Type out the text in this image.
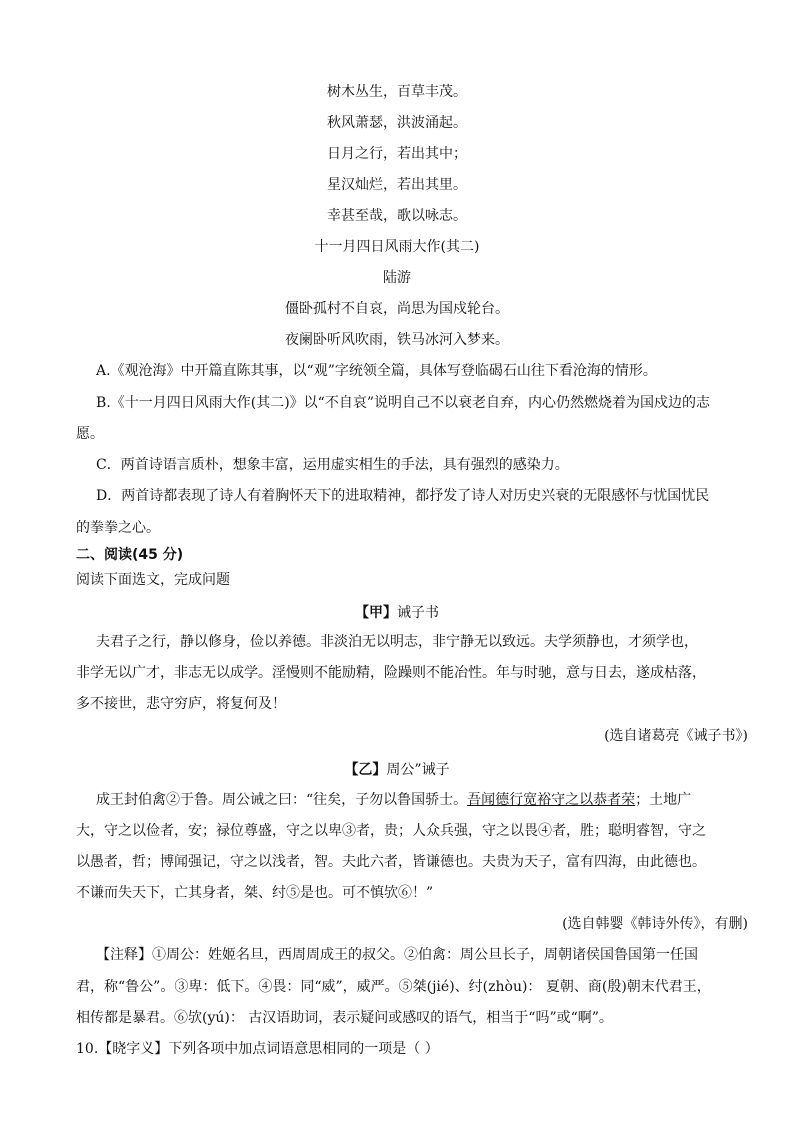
树木丛生，百草丰茂。
秋风萧瑟，洪波涌起。
日月之行，若出其中；
星汉灿烂，若出其里。
幸甚至哉，歌以咏志。
十一月四日风雨大作(其二)
陆游
僵卧孤村不自哀，尚思为国戍轮台。
夜阑卧听风吹雨，铁马冰河入梦来。
A.《观沧海》中开篇直陈其事，以“观”字统领全篇，具体写登临碣石山往下看沧海的情形。
B.《十一月四日风雨大作(其二)》以“不自哀”说明自己不以衰老自弃，内心仍然燃烧着为国戍边的志
愿。
C．两首诗语言质朴，想象丰富，运用虚实相生的手法，具有强烈的感染力。
D．两首诗都表现了诗人有着胸怀天下的进取精神，都抒发了诗人对历史兴衰的无限感怀与忧国忧民
的拳拳之心。
二、阅读(45 分)
阅读下面选文，完成问题
【甲】诫子书
夫君子之行，静以修身，俭以养德。非淡泊无以明志，非宁静无以致远。夫学须静也，才须学也，
非学无以广才，非志无以成学。淫慢则不能励精，险躁则不能冶性。年与时驰，意与日去，遂成枯落，
多不接世，悲守穷庐，将复何及！
(选自诸葛亮《诫子书》)
【乙】周公”诫子
成王封伯禽②于鲁。周公诫之曰：“往矣，子勿以鲁国骄士。吾闻德行宽裕守之以恭者荣；土地广
大，守之以俭者，安；禄位尊盛，守之以卑③者，贵；人众兵强，守之以畏④者，胜；聪明睿智，守之
以愚者，哲；博闻强记，守之以浅者，智。夫此六者，皆谦德也。夫贵为天子，富有四海，由此德也。
不谦而失天下，亡其身者，桀、纣⑤是也。可不慎欤⑥！”
(选自韩婴《韩诗外传》，有删)
【注释】①周公：姓姬名旦，西周周成王的叔父。②伯禽：周公旦长子，周朝诸侯国鲁国第一任国
君，称“鲁公”。③卑：低下。④畏：同“威”，威严。⑤桀(jié)、纣(zhòu)： 夏朝、商(殷)朝末代君王，
相传都是暴君。⑥欤(yú)： 古汉语助词，表示疑问或感叹的语气，相当于“吗”或“啊”。
10.【晓字义】下列各项中加点词语意思相同的一项是（ ）
